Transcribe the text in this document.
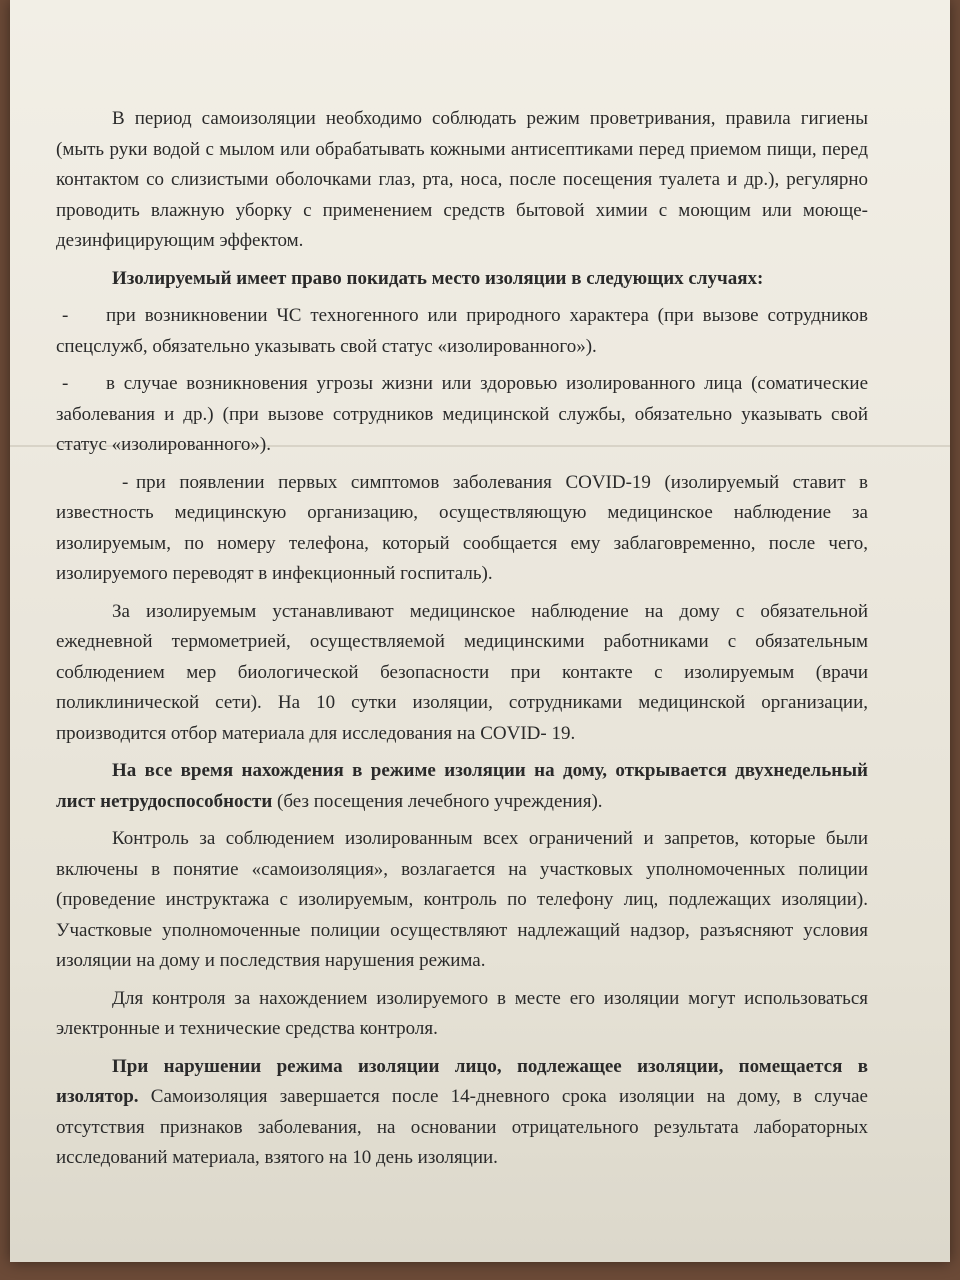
В период самоизоляции необходимо соблюдать режим проветривания, правила гигиены (мыть руки водой с мылом или обрабатывать кожными антисептиками перед приемом пищи, перед контактом со слизистыми оболочками глаз, рта, носа, после посещения туалета и др.), регулярно проводить влажную уборку с применением средств бытовой химии с моющим или моюще-дезинфицирующим эффектом.

Изолируемый имеет право покидать место изоляции в следующих случаях:

- при возникновении ЧС техногенного или природного характера (при вызове сотрудников спецслужб, обязательно указывать свой статус «изолированного»).

- в случае возникновения угрозы жизни или здоровью изолированного лица (соматические заболевания и др.) (при вызове сотрудников медицинской службы, обязательно указывать свой статус «изолированного»).

- при появлении первых симптомов заболевания COVID-19 (изолируемый ставит в известность медицинскую организацию, осуществляющую медицинское наблюдение за изолируемым, по номеру телефона, который сообщается ему заблаговременно, после чего, изолируемого переводят в инфекционный госпиталь).

За изолируемым устанавливают медицинское наблюдение на дому с обязательной ежедневной термометрией, осуществляемой медицинскими работниками с обязательным соблюдением мер биологической безопасности при контакте с изолируемым (врачи поликлинической сети). На 10 сутки изоляции, сотрудниками медицинской организации, производится отбор материала для исследования на COVID- 19.

На все время нахождения в режиме изоляции на дому, открывается двухнедельный лист нетрудоспособности (без посещения лечебного учреждения).

Контроль за соблюдением изолированным всех ограничений и запретов, которые были включены в понятие «самоизоляция», возлагается на участковых уполномоченных полиции (проведение инструктажа с изолируемым, контроль по телефону лиц, подлежащих изоляции). Участковые уполномоченные полиции осуществляют надлежащий надзор, разъясняют условия изоляции на дому и последствия нарушения режима.

Для контроля за нахождением изолируемого в месте его изоляции могут использоваться электронные и технические средства контроля.

При нарушении режима изоляции лицо, подлежащее изоляции, помещается в изолятор. Самоизоляция завершается после 14-дневного срока изоляции на дому, в случае отсутствия признаков заболевания, на основании отрицательного результата лабораторных исследований материала, взятого на 10 день изоляции.
